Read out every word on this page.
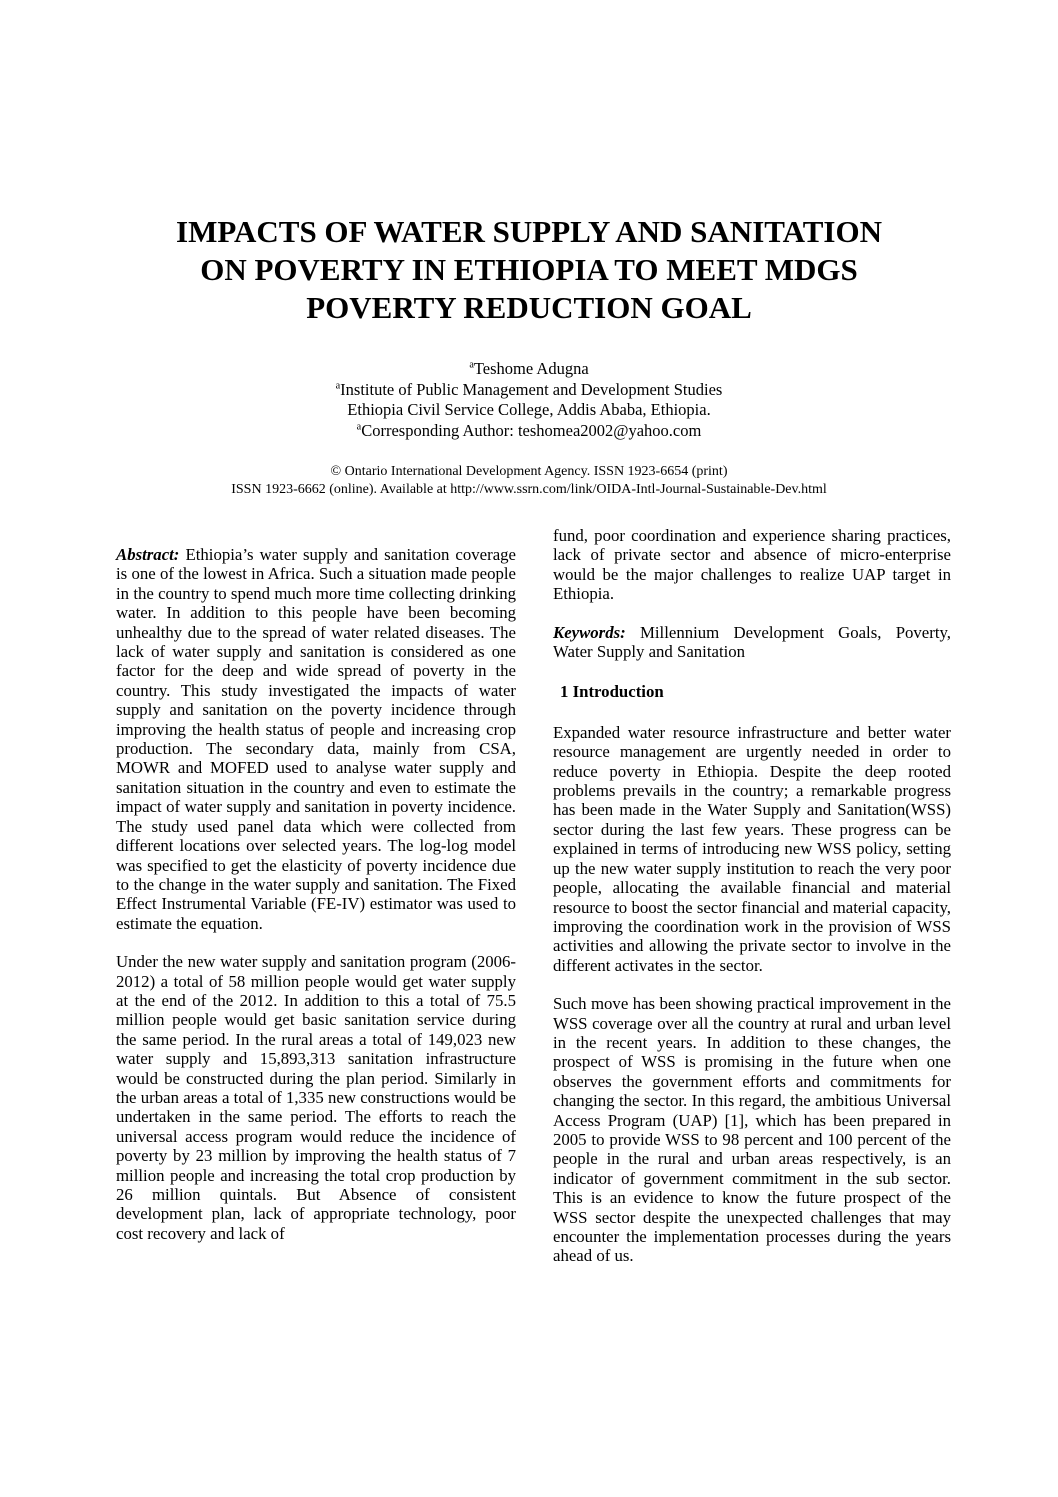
IMPACTS OF WATER SUPPLY AND SANITATION
ON POVERTY IN ETHIOPIA TO MEET MDGS
POVERTY REDUCTION GOAL
$^a$Teshome Adugna
$^a$Institute of Public Management and Development Studies
Ethiopia Civil Service College, Addis Ababa, Ethiopia.
$^a$Corresponding Author: teshomea2002@yahoo.com
© Ontario International Development Agency. ISSN 1923-6654 (print)
ISSN 1923-6662 (online). Available at http://www.ssrn.com/link/OIDA-Intl-Journal-Sustainable-Dev.html

Abstract: Ethiopia’s water supply and sanitation coverage is one of the lowest in Africa. Such a situation made people in the country to spend much more time collecting drinking water. In addition to this people have been becoming unhealthy due to the spread of water related diseases. The lack of water supply and sanitation is considered as one factor for the deep and wide spread of poverty in the country. This study investigated the impacts of water supply and sanitation on the poverty incidence through improving the health status of people and increasing crop production. The secondary data, mainly from CSA, MOWR and MOFED used to analyse water supply and sanitation situation in the country and even to estimate the impact of water supply and sanitation in poverty incidence. The study used panel data which were collected from different locations over selected years. The log-log model was specified to get the elasticity of poverty incidence due to the change in the water supply and sanitation. The Fixed Effect Instrumental Variable (FE-IV) estimator was used to estimate the equation.

Under the new water supply and sanitation program (2006-2012) a total of 58 million people would get water supply at the end of the 2012. In addition to this a total of 75.5 million people would get basic sanitation service during the same period. In the rural areas a total of 149,023 new water supply and 15,893,313 sanitation infrastructure would be constructed during the plan period. Similarly in the urban areas a total of 1,335 new constructions would be undertaken in the same period. The efforts to reach the universal access program would reduce the incidence of poverty by 23 million by improving the health status of 7 million people and increasing the total crop production by 26 million quintals. But Absence of consistent development plan, lack of appropriate technology, poor cost recovery and lack of

fund, poor coordination and experience sharing practices, lack of private sector and absence of micro-enterprise would be the major challenges to realize UAP target in Ethiopia.

Keywords: Millennium Development Goals, Poverty, Water Supply and Sanitation

1 Introduction

Expanded water resource infrastructure and better water resource management are urgently needed in order to reduce poverty in Ethiopia. Despite the deep rooted problems prevails in the country; a remarkable progress has been made in the Water Supply and Sanitation(WSS) sector during the last few years. These progress can be explained in terms of introducing new WSS policy, setting up the new water supply institution to reach the very poor people, allocating the available financial and material resource to boost the sector financial and material capacity, improving the coordination work in the provision of WSS activities and allowing the private sector to involve in the different activates in the sector.

Such move has been showing practical improvement in the WSS coverage over all the country at rural and urban level in the recent years. In addition to these changes, the prospect of WSS is promising in the future when one observes the government efforts and commitments for changing the sector. In this regard, the ambitious Universal Access Program (UAP) [1], which has been prepared in 2005 to provide WSS to 98 percent and 100 percent of the people in the rural and urban areas respectively, is an indicator of government commitment in the sub sector. This is an evidence to know the future prospect of the WSS sector despite the unexpected challenges that may encounter the implementation processes during the years ahead of us.
